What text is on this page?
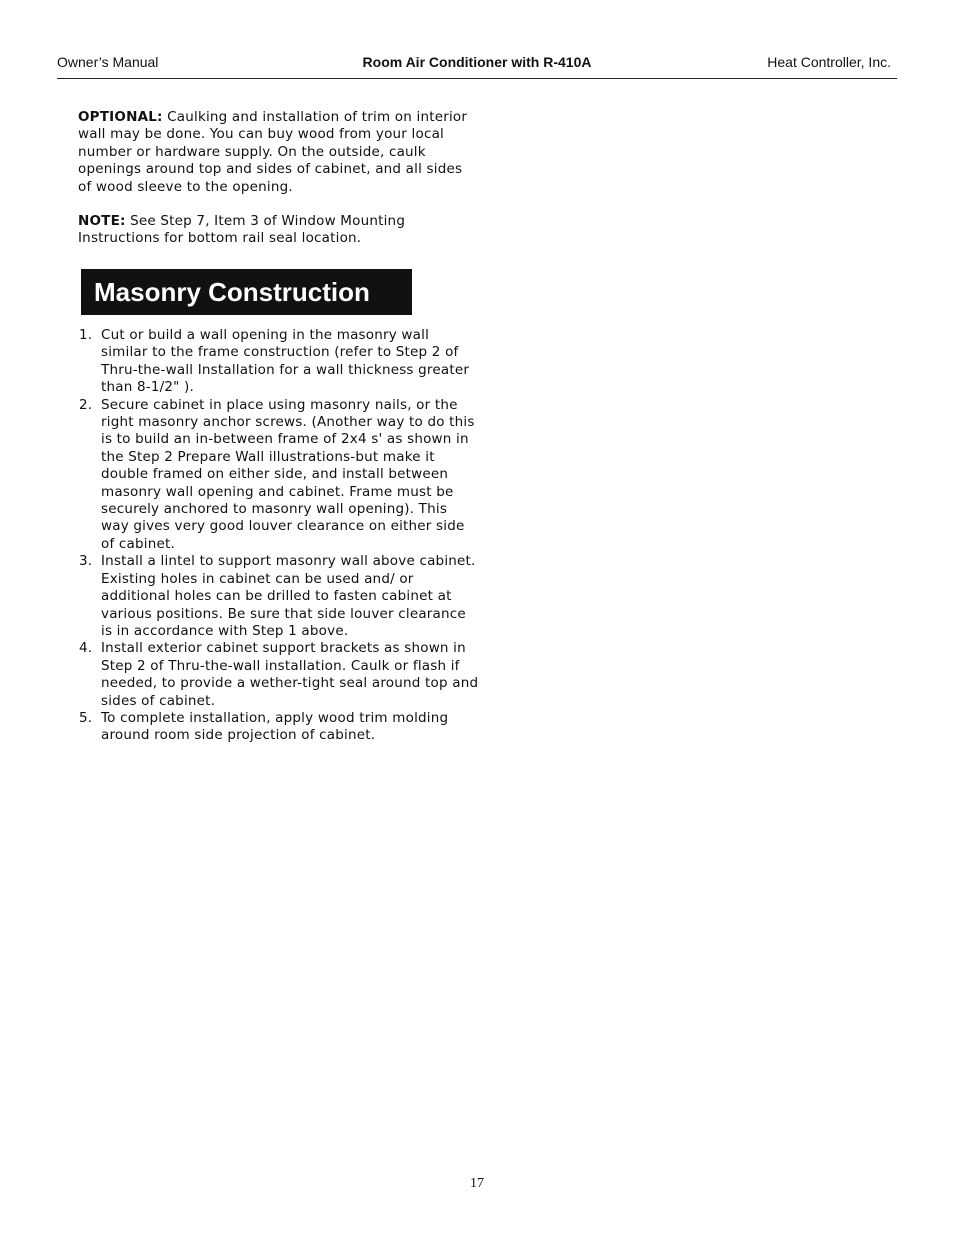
Owner’s Manual	Room Air Conditioner with R-410A	Heat Controller, Inc.

OPTIONAL: Caulking and installation of trim on interior wall may be done. You can buy wood from your local number or hardware supply. On the outside, caulk openings around top and sides of cabinet, and all sides of wood sleeve to the opening.

NOTE: See Step 7, Item 3 of Window Mounting Instructions for bottom rail seal location.

Masonry Construction
1. Cut or build a wall opening in the masonry wall similar to the frame construction (refer to Step 2 of Thru-the-wall Installation for a wall thickness greater than 8-1/2" ).
2. Secure cabinet in place using masonry nails, or the right masonry anchor screws. (Another way to do this is to build an in-between frame of 2x4 s' as shown in the Step 2 Prepare Wall illustrations-but make it double framed on either side, and install between masonry wall opening and cabinet. Frame must be securely anchored to masonry wall opening). This way gives very good louver clearance on either side of cabinet.
3. Install a lintel to support masonry wall above cabinet. Existing holes in cabinet can be used and/ or additional holes can be drilled to fasten cabinet at various positions. Be sure that side louver clearance is in accordance with Step 1 above.
4. Install exterior cabinet support brackets as shown in Step 2 of Thru-the-wall installation. Caulk or flash if needed, to provide a wether-tight seal around top and sides of cabinet.
5. To complete installation, apply wood trim molding around room side projection of cabinet.
17
